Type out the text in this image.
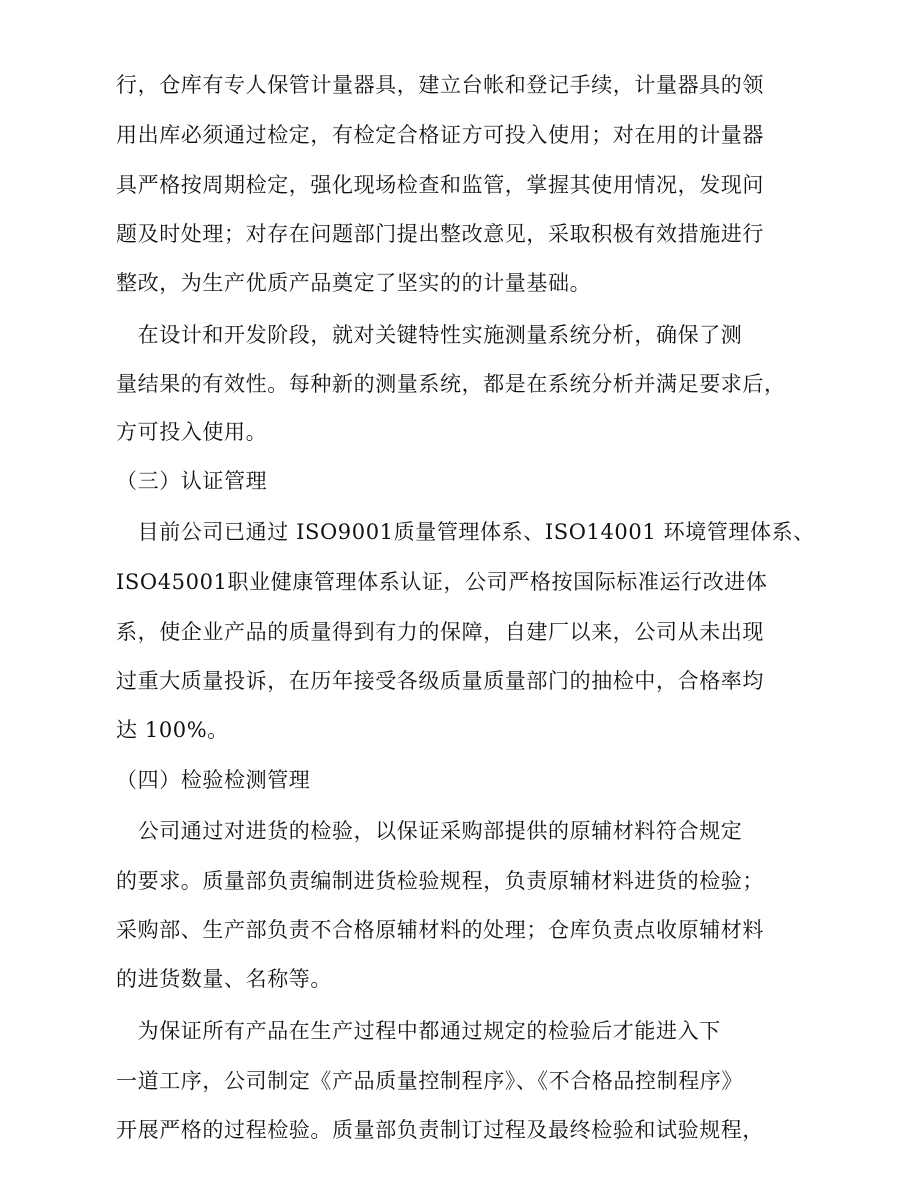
行，仓库有专人保管计量器具，建立台帐和登记手续，计量器具的领
用出库必须通过检定，有检定合格证方可投入使用；对在用的计量器
具严格按周期检定，强化现场检查和监管，掌握其使用情况，发现问
题及时处理；对存在问题部门提出整改意见，采取积极有效措施进行
整改，为生产优质产品奠定了坚实的的计量基础。
　在设计和开发阶段，就对关键特性实施测量系统分析，确保了测
量结果的有效性。每种新的测量系统，都是在系统分析并满足要求后，
方可投入使用。
（三）认证管理
　目前公司已通过 ISO9001质量管理体系、ISO14001 环境管理体系、
ISO45001职业健康管理体系认证，公司严格按国际标准运行改进体
系，使企业产品的质量得到有力的保障，自建厂以来，公司从未出现
过重大质量投诉，在历年接受各级质量质量部门的抽检中，合格率均
达 100%。
（四）检验检测管理
　公司通过对进货的检验，以保证采购部提供的原辅材料符合规定
的要求。质量部负责编制进货检验规程，负责原辅材料进货的检验；
采购部、生产部负责不合格原辅材料的处理；仓库负责点收原辅材料
的进货数量、名称等。
　为保证所有产品在生产过程中都通过规定的检验后才能进入下
一道工序，公司制定《产品质量控制程序》、《不合格品控制程序》
开展严格的过程检验。质量部负责制订过程及最终检验和试验规程，
